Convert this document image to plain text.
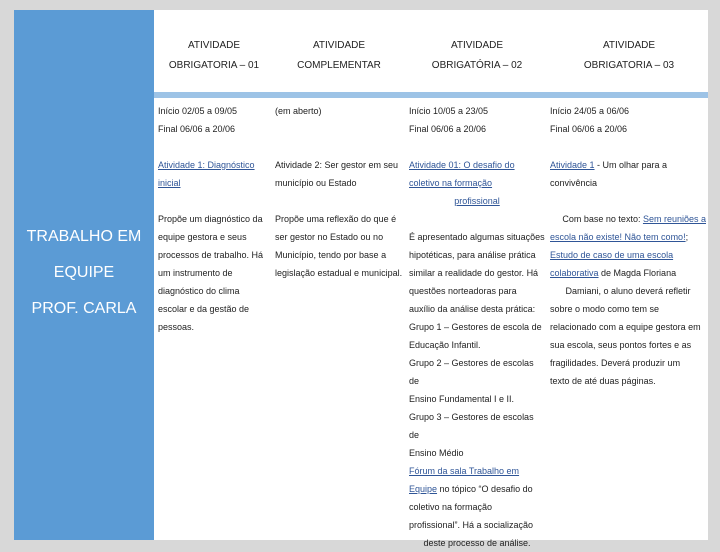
TRABALHO EM
EQUIPE
PROF. CARLA
ATIVIDADE
OBRIGATORIA – 01
ATIVIDADE
COMPLEMENTAR
ATIVIDADE
OBRIGATÓRIA – 02
ATIVIDADE
OBRIGATORIA – 03

Início 02/05 a 09/05

Final 06/06 a 20/06

(em aberto)	Início 10/05 a 23/05

Final 06/06 a 20/06

Início 24/05 a 06/06

Final 06/06 a 20/06

Atividade 1: Diagnóstico

inicial

Propõe um diagnóstico da

equipe gestora e seus

processos de trabalho. Há

um instrumento de

diagnóstico do clima

escolar e da gestão de

pessoas.

Atividade 2: Ser gestor em seu

município ou Estado

Propõe uma reflexão do que é

ser gestor no Estado ou no

Município, tendo por base a

legislação estadual e municipal.

Atividade 01: O desafio do

coletivo na formação

profissional

É apresentado algumas situações

hipotéticas, para análise prática

similar a realidade do gestor. Há

questões norteadoras para

auxílio da análise desta prática:

Grupo 1 – Gestores de escola de

Educação Infantil.

Grupo 2 – Gestores de escolas de

Ensino Fundamental I e II.

Grupo 3 – Gestores de escolas de

Ensino Médio

Fórum da sala Trabalho em

Equipe no tópico “O desafio do

coletivo na formação

profissional”. Há a socialização

deste processo de análise.

Atividade 1 - Um olhar para a

convivência

Com base no texto: Sem reuniões a

escola não existe! Não tem como!;

Estudo de caso de uma escola

colaborativa de Magda Floriana

Damiani, o aluno deverá refletir

sobre o modo como tem se

relacionado com a equipe gestora em

sua escola, seus pontos fortes e as

fragilidades. Deverá produzir um

texto de até duas páginas.
